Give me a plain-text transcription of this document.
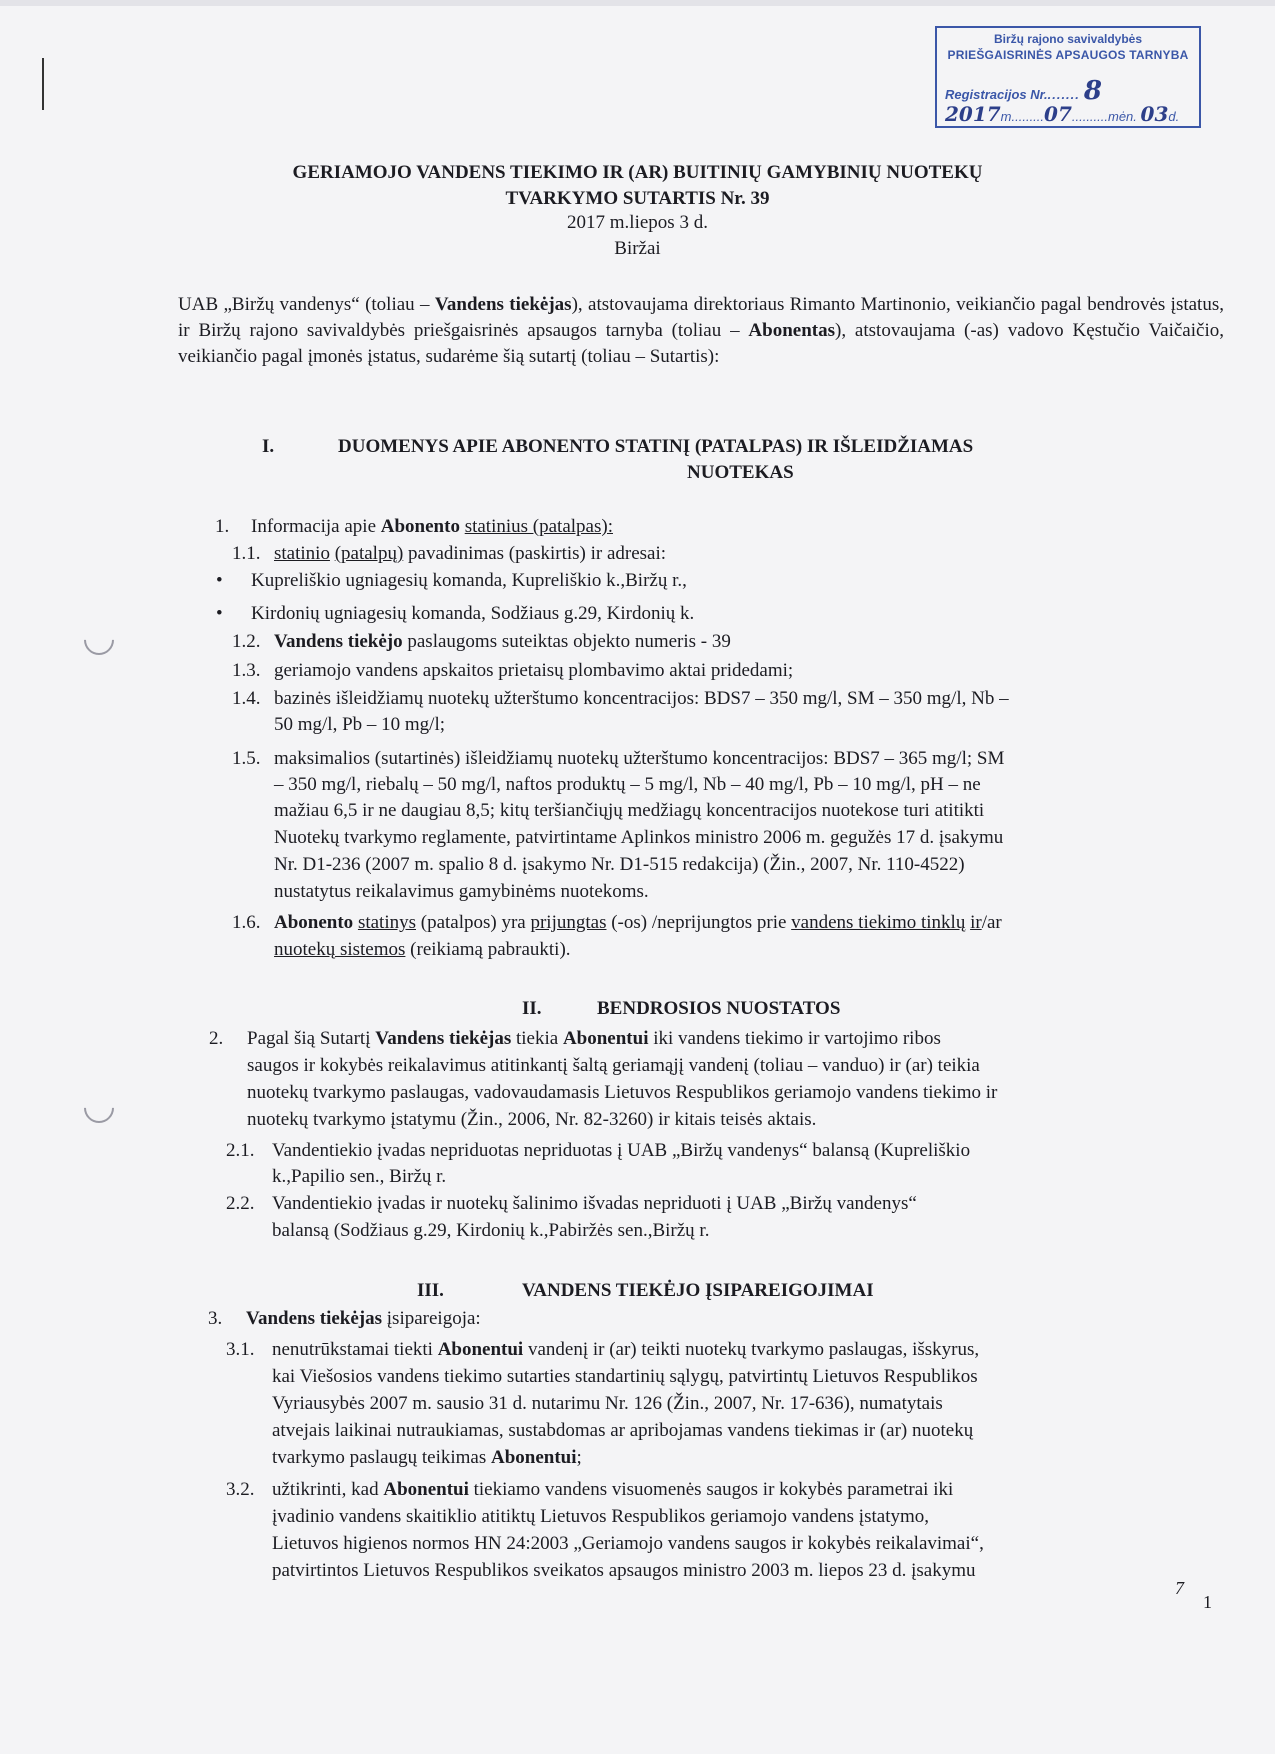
Biržų rajono savivaldybės
PRIEŠGAISRINĖS APSAUGOS TARNYBA
Registracijos Nr........ 8
2017m.........07..........mėn. 03d.
GERIAMOJO VANDENS TIEKIMO IR (AR) BUITINIŲ GAMYBINIŲ NUOTEKŲ
TVARKYMO SUTARTIS Nr. 39
2017 m.liepos 3 d.
Biržai
UAB „Biržų vandenys“ (toliau – Vandens tiekėjas), atstovaujama direktoriaus Rimanto Martinonio, veikiančio pagal bendrovės įstatus, ir Biržų rajono savivaldybės priešgaisrinės apsaugos tarnyba (toliau – Abonentas), atstovaujama (-as) vadovo Kęstučio Vaičaičio, veikiančio pagal įmonės įstatus, sudarėme šią sutartį (toliau – Sutartis):
I.	DUOMENYS APIE ABONENTO STATINĮ (PATALPAS) IR IŠLEIDŽIAMAS
NUOTEKAS
1. Informacija apie Abonento statinius (patalpas):
1.1. statinio (patalpų) pavadinimas (paskirtis) ir adresai:
• Kupreliškio ugniagesių komanda, Kupreliškio k.,Biržų r.,
• Kirdonių ugniagesių komanda, Sodžiaus g.29, Kirdonių k.
1.2. Vandens tiekėjo paslaugoms suteiktas objekto numeris - 39
1.3. geriamojo vandens apskaitos prietaisų plombavimo aktai pridedami;
1.4. bazinės išleidžiamų nuotekų užterštumo koncentracijos: BDS7 – 350 mg/l, SM – 350 mg/l, Nb –
50 mg/l, Pb – 10 mg/l;
1.5. maksimalios (sutartinės) išleidžiamų nuotekų užterštumo koncentracijos: BDS7 – 365 mg/l; SM
– 350 mg/l, riebalų – 50 mg/l, naftos produktų – 5 mg/l, Nb – 40 mg/l, Pb – 10 mg/l, pH – ne
mažiau 6,5 ir ne daugiau 8,5; kitų teršiančiųjų medžiagų koncentracijos nuotekose turi atitikti
Nuotekų tvarkymo reglamente, patvirtintame Aplinkos ministro 2006 m. gegužės 17 d. įsakymu
Nr. D1-236 (2007 m. spalio 8 d. įsakymo Nr. D1-515 redakcija) (Žin., 2007, Nr. 110-4522)
nustatytus reikalavimus gamybinėms nuotekoms.
1.6. Abonento statinys (patalpos) yra prijungtas (-os) /neprijungtos prie vandens tiekimo tinklų ir/ar
nuotekų sistemos (reikiamą pabraukti).
II.	BENDROSIOS NUOSTATOS
2. Pagal šią Sutartį Vandens tiekėjas tiekia Abonentui iki vandens tiekimo ir vartojimo ribos
saugos ir kokybės reikalavimus atitinkantį šaltą geriamąjį vandenį (toliau – vanduo) ir (ar) teikia
nuotekų tvarkymo paslaugas, vadovaudamasis Lietuvos Respublikos geriamojo vandens tiekimo ir
nuotekų tvarkymo įstatymu (Žin., 2006, Nr. 82-3260) ir kitais teisės aktais.
2.1. Vandentiekio įvadas nepriduotas nepriduotas į UAB „Biržų vandenys“ balansą (Kupreliškio
k.,Papilio sen., Biržų r.
2.2. Vandentiekio įvadas ir nuotekų šalinimo išvadas nepriduoti į UAB „Biržų vandenys“
balansą (Sodžiaus g.29, Kirdonių k.,Pabiržės sen.,Biržų r.
III.	VANDENS TIEKĖJO ĮSIPAREIGOJIMAI
3. Vandens tiekėjas įsipareigoja:
3.1. nenutrūkstamai tiekti Abonentui vandenį ir (ar) teikti nuotekų tvarkymo paslaugas, išskyrus,
kai Viešosios vandens tiekimo sutarties standartinių sąlygų, patvirtintų Lietuvos Respublikos
Vyriausybės 2007 m. sausio 31 d. nutarimu Nr. 126 (Žin., 2007, Nr. 17-636), numatytais
atvejais laikinai nutraukiamas, sustabdomas ar apribojamas vandens tiekimas ir (ar) nuotekų
tvarkymo paslaugų teikimas Abonentui;
3.2. užtikrinti, kad Abonentui tiekiamo vandens visuomenės saugos ir kokybės parametrai iki
įvadinio vandens skaitiklio atitiktų Lietuvos Respublikos geriamojo vandens įstatymo,
Lietuvos higienos normos HN 24:2003 „Geriamojo vandens saugos ir kokybės reikalavimai“,
patvirtintos Lietuvos Respublikos sveikatos apsaugos ministro 2003 m. liepos 23 d. įsakymu
7
1
